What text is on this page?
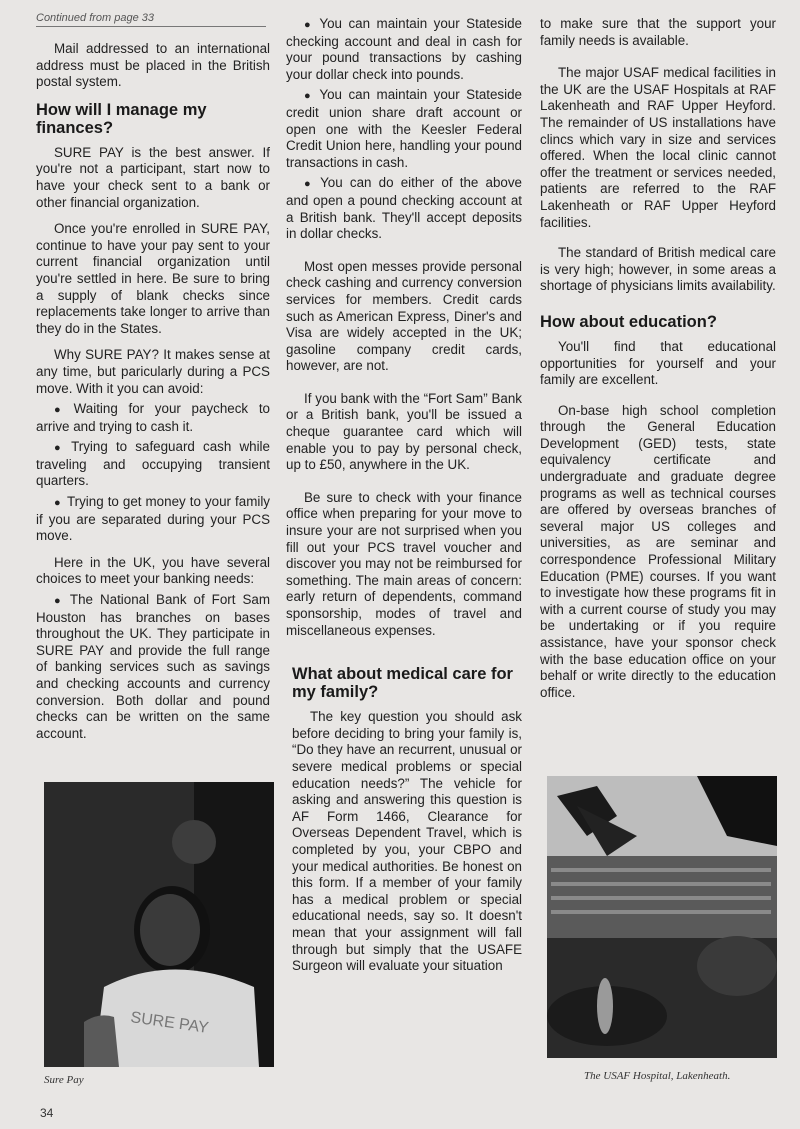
Continued from page 33

Mail addressed to an international address must be placed in the British postal system.

How will I manage my finances?

SURE PAY is the best answer. If you're not a participant, start now to have your check sent to a bank or other financial organization.

Once you're enrolled in SURE PAY, continue to have your pay sent to your current financial organization until you're settled in here. Be sure to bring a supply of blank checks since replacements take longer to arrive than they do in the States.

Why SURE PAY? It makes sense at any time, but paricularly during a PCS move. With it you can avoid:

● Waiting for your paycheck to arrive and trying to cash it.

● Trying to safeguard cash while traveling and occupying transient quarters.

● Trying to get money to your family if you are separated during your PCS move.

Here in the UK, you have several choices to meet your banking needs:

● The National Bank of Fort Sam Houston has branches on bases throughout the UK. They participate in SURE PAY and provide the full range of banking services such as savings and checking accounts and currency conversion. Both dollar and pound checks can be written on the same account.

● You can maintain your Stateside checking account and deal in cash for your pound transactions by cashing your dollar check into pounds.

● You can maintain your Stateside credit union share draft account or open one with the Keesler Federal Credit Union here, handling your pound transactions in cash.

● You can do either of the above and open a pound checking account at a British bank. They'll accept deposits in dollar checks.

Most open messes provide personal check cashing and currency conversion services for members. Credit cards such as American Express, Diner's and Visa are widely accepted in the UK; gasoline company credit cards, however, are not.

If you bank with the “Fort Sam” Bank or a British bank, you'll be issued a cheque guarantee card which will enable you to pay by personal check, up to £50, anywhere in the UK.

Be sure to check with your finance office when preparing for your move to insure your are not surprised when you fill out your PCS travel voucher and discover you may not be reimbursed for something. The main areas of concern: early return of dependents, command sponsorship, modes of travel and miscellaneous expenses.

What about medical care for my family?

The key question you should ask before deciding to bring your family is, “Do they have an recurrent, unusual or severe medical problems or special education needs?” The vehicle for asking and answering this question is AF Form 1466, Clearance for Overseas Dependent Travel, which is completed by you, your CBPO and your medical authorities. Be honest on this form. If a member of your family has a medical problem or special educational needs, say so. It doesn't mean that your assignment will fall through but simply that the USAFE Surgeon will evaluate your situation

to make sure that the support your family needs is available.

The major USAF medical facilities in the UK are the USAF Hospitals at RAF Lakenheath and RAF Upper Heyford. The remainder of US installations have clincs which vary in size and services offered. When the local clinic cannot offer the treatment or services needed, patients are referred to the RAF Lakenheath or RAF Upper Heyford facilities.

The standard of British medical care is very high; however, in some areas a shortage of physicians limits availability.

How about education?

You'll find that educational opportunities for yourself and your family are excellent.

On-base high school completion through the General Education Development (GED) tests, state equivalency certificate and undergraduate and graduate degree programs as well as technical courses are offered by overseas branches of several major US colleges and universities, as are seminar and correspondence Professional Military Education (PME) courses. If you want to investigate how these programs fit in with a current course of study you may be undertaking or if you require assistance, have your sponsor check with the base education office on your behalf or write directly to the education office.

SURE PAY
Sure Pay	The USAF Hospital, Lakenheath.
34
